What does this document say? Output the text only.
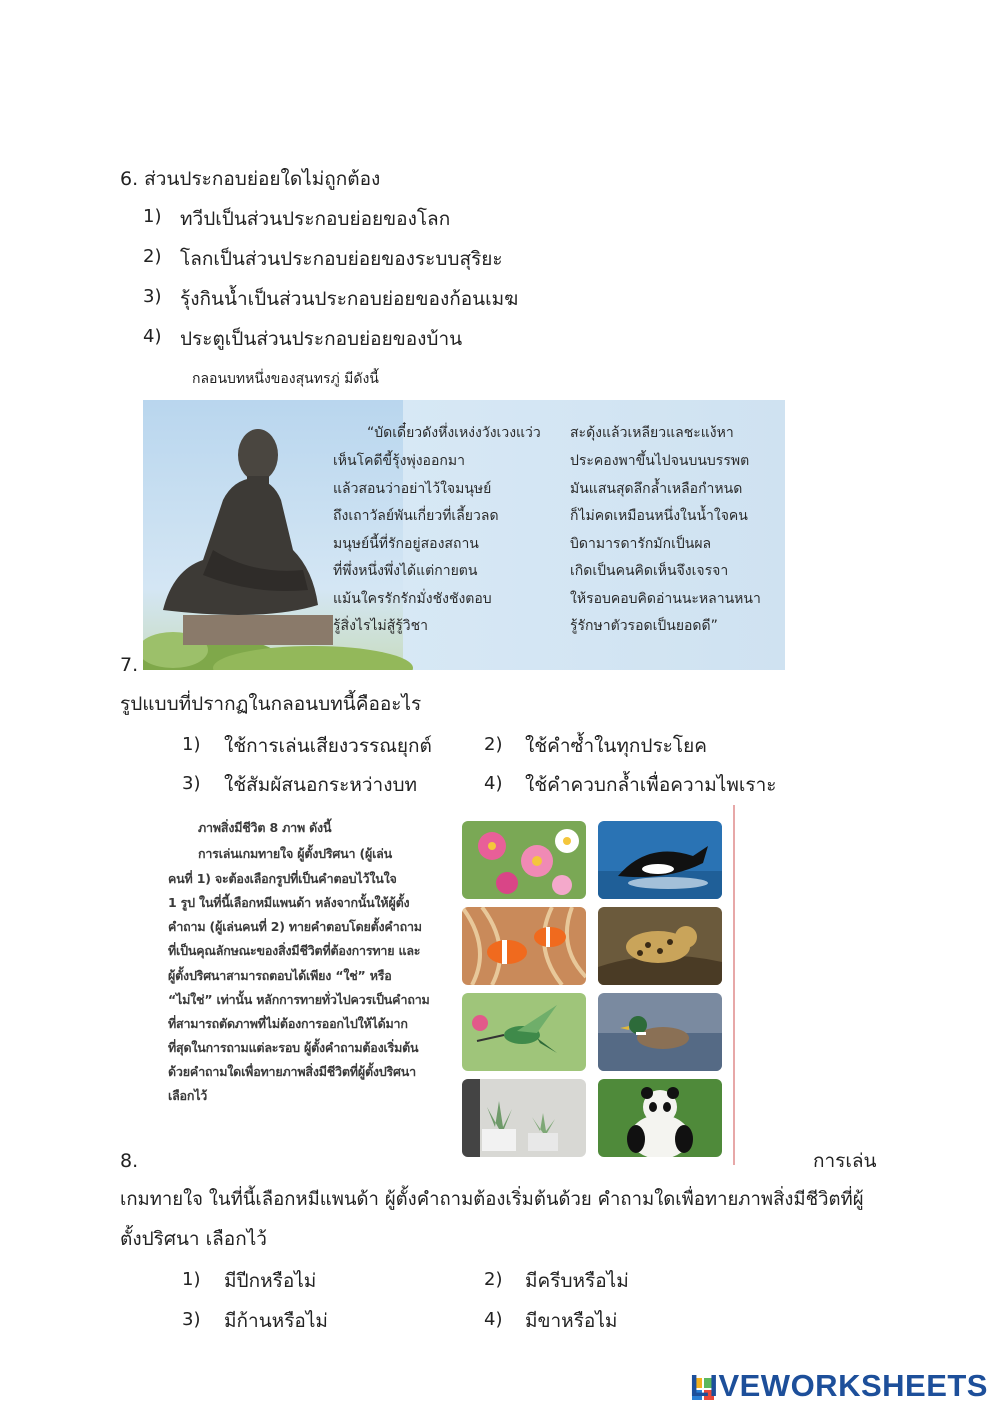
6. ส่วนประกอบย่อยใดไม่ถูกต้อง
1) ทวีปเป็นส่วนประกอบย่อยของโลก
2) โลกเป็นส่วนประกอบย่อยของระบบสุริยะ
3) รุ้งกินน้ำเป็นส่วนประกอบย่อยของก้อนเมฆ
4) ประตูเป็นส่วนประกอบย่อยของบ้าน
กลอนบทหนึ่งของสุนทรภู่ มีดังนี้
“บัดเดี๋ยวดังหึ่งเหง่งวังเวงแว่ว
เห็นโคดีขี้รุ้งพุ่งออกมา
แล้วสอนว่าอย่าไว้ใจมนุษย์
ถึงเถาวัลย์พันเกี่ยวที่เลี้ยวลด
มนุษย์นี้ที่รักอยู่สองสถาน
ที่พึ่งหนึ่งพึ่งได้แต่กายตน
แม้นใครรักรักมั่งชังชังตอบ
รู้สิ่งไรไม่สู้รู้วิชา
สะดุ้งแล้วเหลียวแลชะแง้หา
ประคองพาขึ้นไปจนบนบรรพต
มันแสนสุดลึกล้ำเหลือกำหนด
ก็ไม่คดเหมือนหนึ่งในน้ำใจคน
บิดามารดารักมักเป็นผล
เกิดเป็นคนคิดเห็นจึงเจรจา
ให้รอบคอบคิดอ่านนะหลานหนา
รู้รักษาตัวรอดเป็นยอดดี”
7.
รูปแบบที่ปรากฏในกลอนบทนี้คืออะไร
1) ใช้การเล่นเสียงวรรณยุกต์	2) ใช้คำซ้ำในทุกประโยค
3) ใช้สัมผัสนอกระหว่างบท	4) ใช้คำควบกล้ำเพื่อความไพเราะ
ภาพสิ่งมีชีวิต 8 ภาพ ดังนี้
การเล่นเกมทายใจ ผู้ตั้งปริศนา (ผู้เล่น
คนที่ 1) จะต้องเลือกรูปที่เป็นคำตอบไว้ในใจ
1 รูป ในที่นี้เลือกหมีแพนด้า หลังจากนั้นให้ผู้ตั้ง
คำถาม (ผู้เล่นคนที่ 2) ทายคำตอบโดยตั้งคำถาม
ที่เป็นคุณลักษณะของสิ่งมีชีวิตที่ต้องการทาย และ
ผู้ตั้งปริศนาสามารถตอบได้เพียง “ใช่” หรือ
“ไม่ใช่” เท่านั้น หลักการทายทั่วไปควรเป็นคำถาม
ที่สามารถตัดภาพที่ไม่ต้องการออกไปให้ได้มาก
ที่สุดในการถามแต่ละรอบ ผู้ตั้งคำถามต้องเริ่มต้น
ด้วยคำถามใดเพื่อทายภาพสิ่งมีชีวิตที่ผู้ตั้งปริศนา
เลือกไว้
8.	การเล่น
เกมทายใจ ในที่นี้เลือกหมีแพนด้า ผู้ตั้งคำถามต้องเริ่มต้นด้วย คำถามใดเพื่อทายภาพสิ่งมีชีวิตที่ผู้
ตั้งปริศนา เลือกไว้
1) มีปีกหรือไม่	2) มีครีบหรือไม่
3) มีก้านหรือไม่	4) มีขาหรือไม่
LIVEWORKSHEETS
